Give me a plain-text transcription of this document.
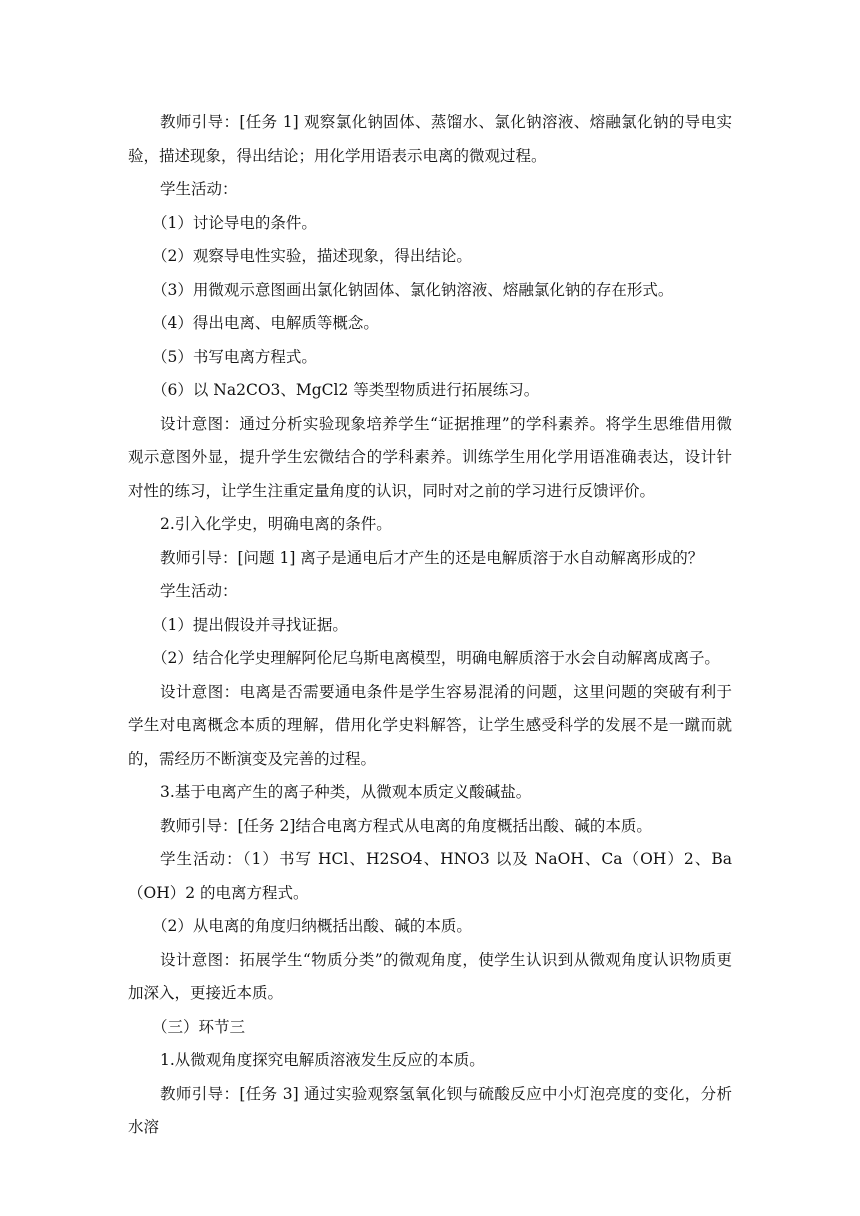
教师引导：[任务 1] 观察氯化钠固体、蒸馏水、氯化钠溶液、熔融氯化钠的导电实验，描述现象，得出结论；用化学用语表示电离的微观过程。

学生活动：

（1）讨论导电的条件。

（2）观察导电性实验，描述现象，得出结论。

（3）用微观示意图画出氯化钠固体、氯化钠溶液、熔融氯化钠的存在形式。

（4）得出电离、电解质等概念。

（5）书写电离方程式。

（6）以 Na2CO3、MgCl2 等类型物质进行拓展练习。

设计意图：通过分析实验现象培养学生“证据推理”的学科素养。将学生思维借用微观示意图外显，提升学生宏微结合的学科素养。训练学生用化学用语准确表达，设计针对性的练习，让学生注重定量角度的认识，同时对之前的学习进行反馈评价。

2.引入化学史，明确电离的条件。

教师引导：[问题 1] 离子是通电后才产生的还是电解质溶于水自动解离形成的？

学生活动：

（1）提出假设并寻找证据。

（2）结合化学史理解阿伦尼乌斯电离模型，明确电解质溶于水会自动解离成离子。

设计意图：电离是否需要通电条件是学生容易混淆的问题，这里问题的突破有利于学生对电离概念本质的理解，借用化学史料解答，让学生感受科学的发展不是一蹴而就的，需经历不断演变及完善的过程。

3.基于电离产生的离子种类，从微观本质定义酸碱盐。

教师引导：[任务 2]结合电离方程式从电离的角度概括出酸、碱的本质。

学生活动：（1）书写 HCl、H2SO4、HNO3 以及 NaOH、Ca（OH）2、Ba（OH）2 的电离方程式。

（2）从电离的角度归纳概括出酸、碱的本质。

设计意图：拓展学生“物质分类”的微观角度，使学生认识到从微观角度认识物质更加深入，更接近本质。

（三）环节三

1.从微观角度探究电解质溶液发生反应的本质。

教师引导：[任务 3] 通过实验观察氢氧化钡与硫酸反应中小灯泡亮度的变化，分析水溶
